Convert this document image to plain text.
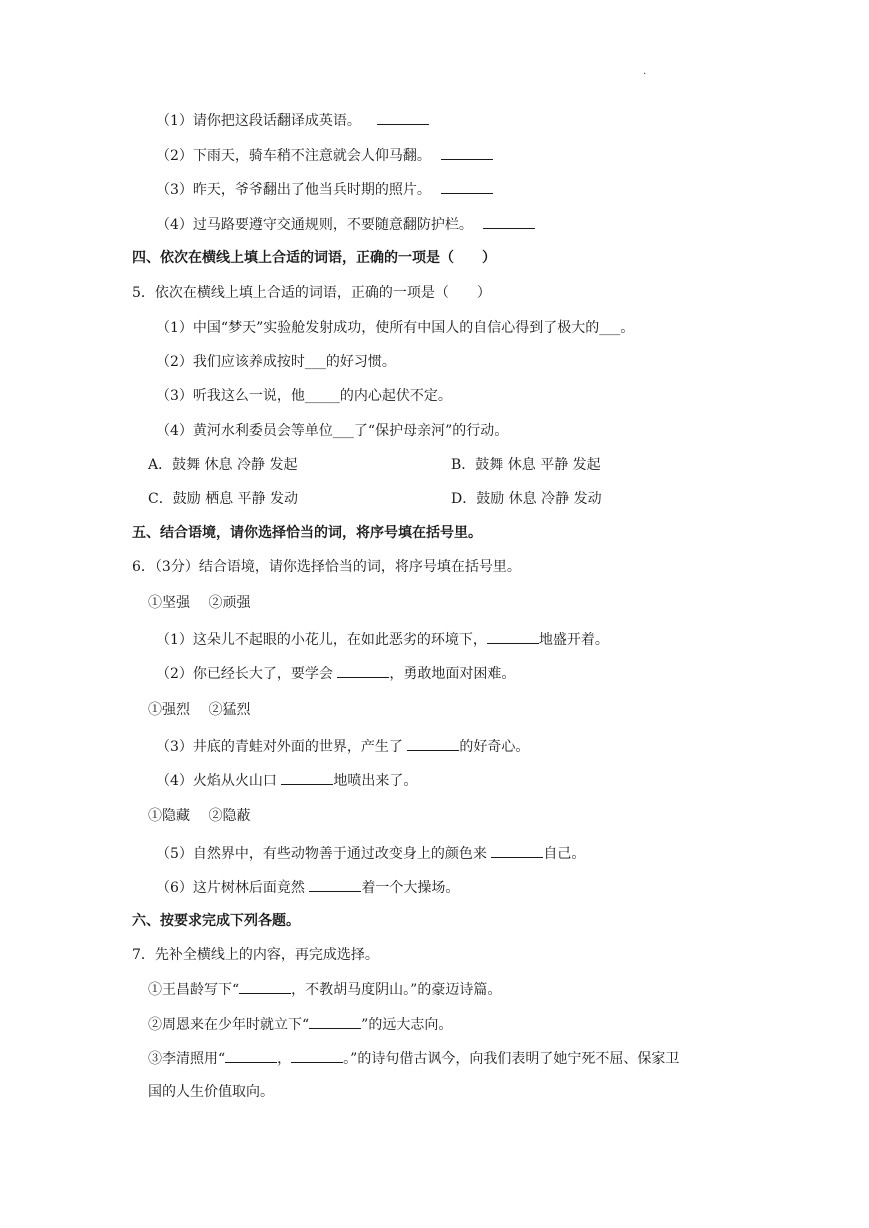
.
（1）请你把这段话翻译成英语。
（2）下雨天，骑车稍不注意就会人仰马翻。
（3）昨天，爷爷翻出了他当兵时期的照片。
（4）过马路要遵守交通规则，不要随意翻防护栏。
四、依次在横线上填上合适的词语，正确的一项是（　　）
5．依次在横线上填上合适的词语，正确的一项是（　　）
（1）中国“梦天”实验舱发射成功，使所有中国人的自信心得到了极大的___。
（2）我们应该养成按时___的好习惯。
（3）听我这么一说，他_____的内心起伏不定。
（4）黄河水利委员会等单位___了“保护母亲河”的行动。
A．鼓舞 休息 冷静 发起	B．鼓舞 休息 平静 发起
C．鼓励 栖息 平静 发动	D．鼓励 休息 冷静 发动
五、结合语境，请你选择恰当的词，将序号填在括号里。
6．（3分）结合语境，请你选择恰当的词，将序号填在括号里。
①坚强　 ②顽强
（1）这朵儿不起眼的小花儿，在如此恶劣的环境下，	地盛开着。
（2）你已经长大了，要学会	，勇敢地面对困难。
①强烈　 ②猛烈
（3）井底的青蛙对外面的世界，产生了	的好奇心。
（4）火焰从火山口	地喷出来了。
①隐藏　 ②隐蔽
（5）自然界中，有些动物善于通过改变身上的颜色来	自己。
（6）这片树林后面竟然	着一个大操场。
六、按要求完成下列各题。
7．先补全横线上的内容，再完成选择。
①王昌龄写下“	，不教胡马度阴山。”的豪迈诗篇。
②周恩来在少年时就立下“	”的远大志向。
③李清照用“	，	。”的诗句借古讽今，向我们表明了她宁死不屈、保家卫
国的人生价值取向。
